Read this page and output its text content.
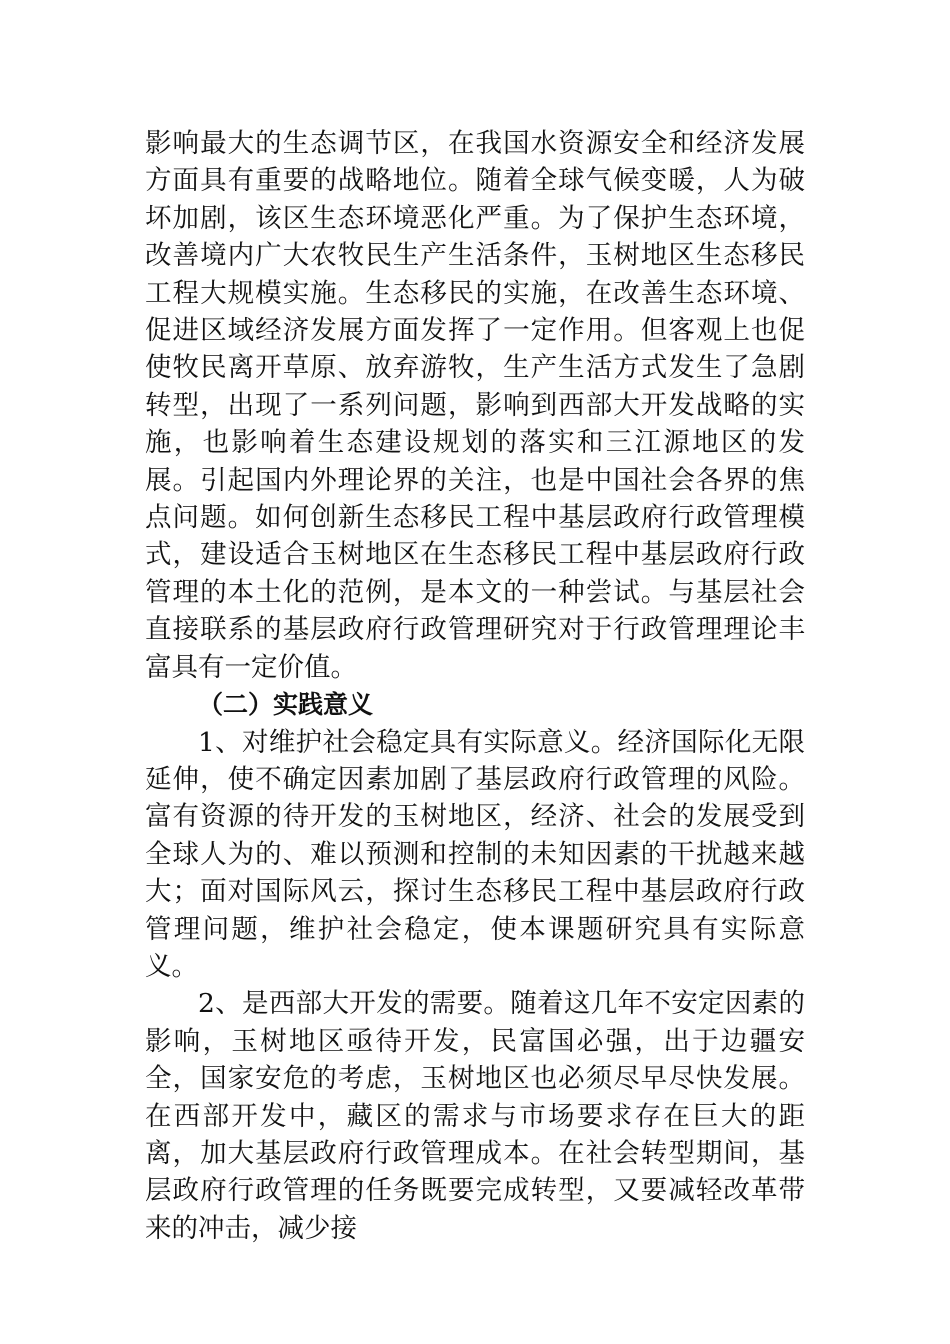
影响最大的生态调节区，在我国水资源安全和经济发展方面具有重要的战略地位。随着全球气候变暖，人为破坏加剧，该区生态环境恶化严重。为了保护生态环境，改善境内广大农牧民生产生活条件，玉树地区生态移民工程大规模实施。生态移民的实施，在改善生态环境、促进区域经济发展方面发挥了一定作用。但客观上也促使牧民离开草原、放弃游牧，生产生活方式发生了急剧转型，出现了一系列问题，影响到西部大开发战略的实施，也影响着生态建设规划的落实和三江源地区的发展。引起国内外理论界的关注，也是中国社会各界的焦点问题。如何创新生态移民工程中基层政府行政管理模式，建设适合玉树地区在生态移民工程中基层政府行政管理的本土化的范例，是本文的一种尝试。与基层社会直接联系的基层政府行政管理研究对于行政管理理论丰富具有一定价值。

（二）实践意义

1、对维护社会稳定具有实际意义。经济国际化无限延伸，使不确定因素加剧了基层政府行政管理的风险。富有资源的待开发的玉树地区，经济、社会的发展受到全球人为的、难以预测和控制的未知因素的干扰越来越大；面对国际风云，探讨生态移民工程中基层政府行政管理问题，维护社会稳定，使本课题研究具有实际意义。

2、是西部大开发的需要。随着这几年不安定因素的影响，玉树地区亟待开发，民富国必强，出于边疆安全，国家安危的考虑，玉树地区也必须尽早尽快发展。在西部开发中，藏区的需求与市场要求存在巨大的距离，加大基层政府行政管理成本。在社会转型期间，基层政府行政管理的任务既要完成转型，又要减轻改革带来的冲击，减少接
